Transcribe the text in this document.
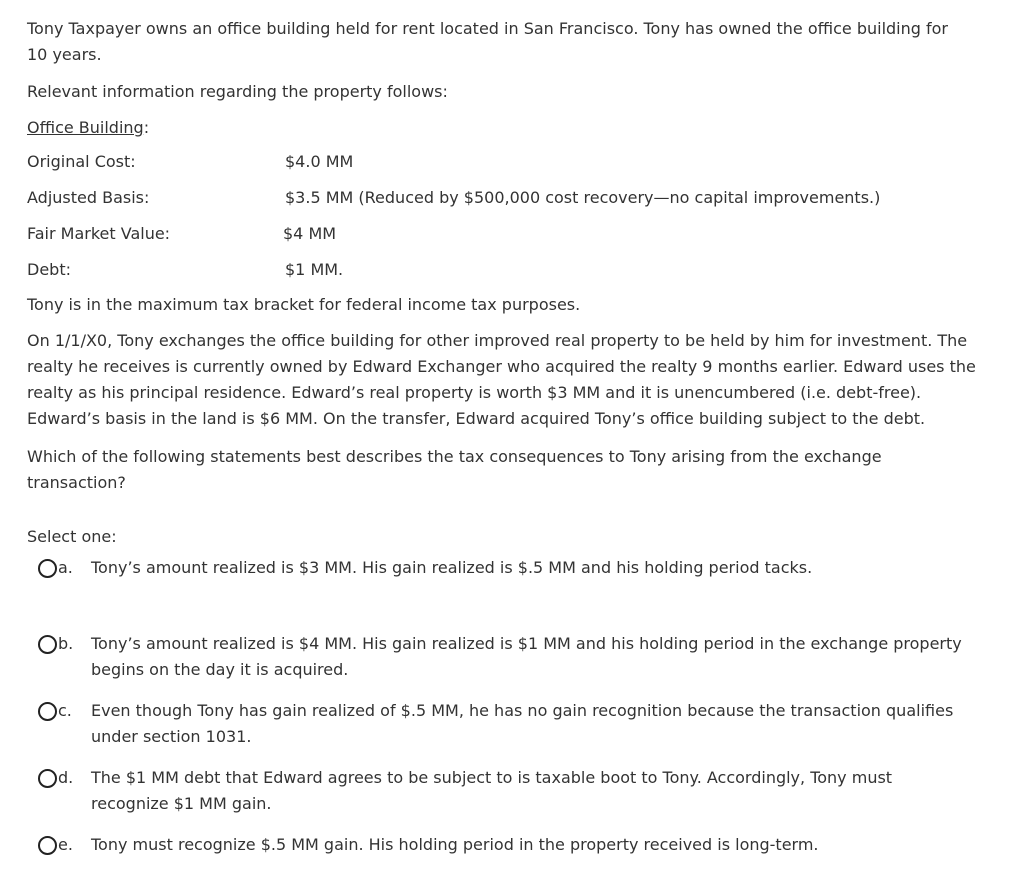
Tony Taxpayer owns an office building held for rent located in San Francisco. Tony has owned the office building for
10 years.
Relevant information regarding the property follows:
Office Building:
Original Cost:	$4.0 MM
Adjusted Basis:	$3.5 MM (Reduced by $500,000 cost recovery—no capital improvements.)
Fair Market Value:	$4 MM
Debt:	$1 MM.
Tony is in the maximum tax bracket for federal income tax purposes.
On 1/1/X0, Tony exchanges the office building for other improved real property to be held by him for investment. The
realty he receives is currently owned by Edward Exchanger who acquired the realty 9 months earlier. Edward uses the
realty as his principal residence. Edward’s real property is worth $3 MM and it is unencumbered (i.e. debt-free).
Edward’s basis in the land is $6 MM. On the transfer, Edward acquired Tony’s office building subject to the debt.
Which of the following statements best describes the tax consequences to Tony arising from the exchange
transaction?
Select one:
a. Tony’s amount realized is $3 MM. His gain realized is $.5 MM and his holding period tacks.
b. Tony’s amount realized is $4 MM. His gain realized is $1 MM and his holding period in the exchange property
begins on the day it is acquired.
c. Even though Tony has gain realized of $.5 MM, he has no gain recognition because the transaction qualifies
under section 1031.
d. The $1 MM debt that Edward agrees to be subject to is taxable boot to Tony. Accordingly, Tony must
recognize $1 MM gain.
e. Tony must recognize $.5 MM gain. His holding period in the property received is long-term.
